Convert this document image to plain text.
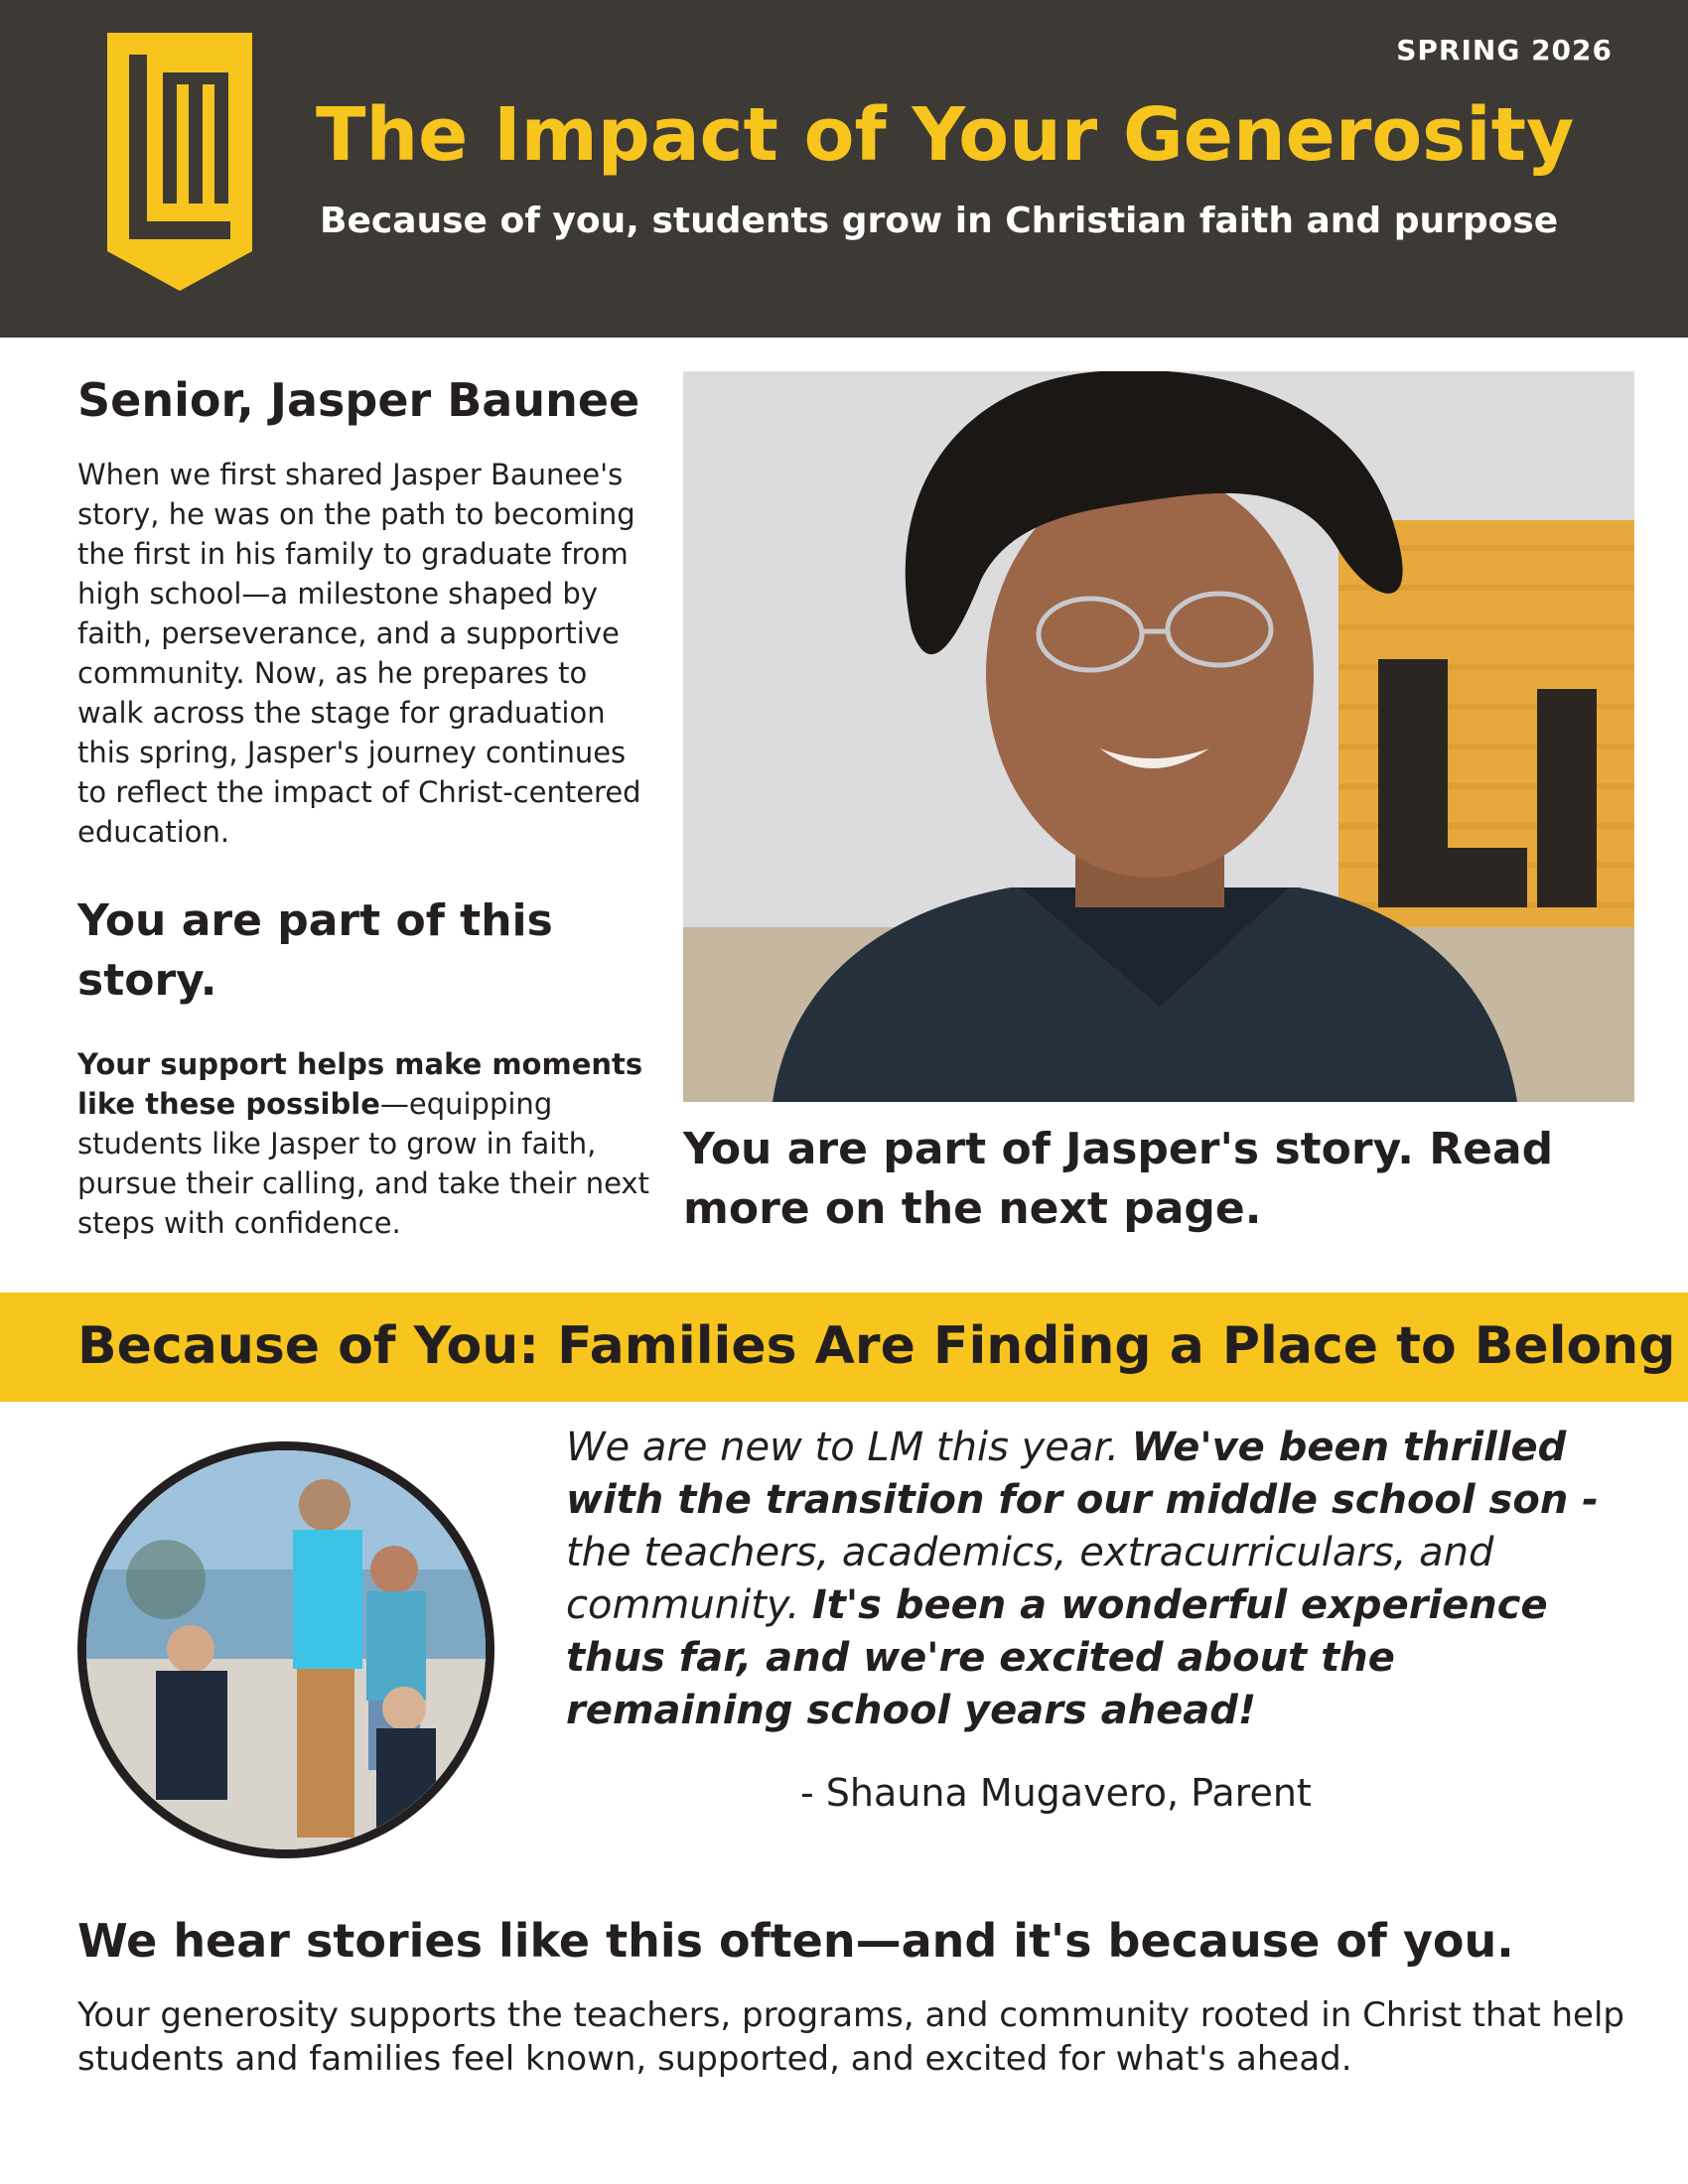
SPRING 2026
The Impact of Your Generosity

Because of you, students grow in Christian faith and purpose

Senior, Jasper Baunee

When we first shared Jasper Baunee's story, he was on the path to becoming the first in his family to graduate from high school—a milestone shaped by faith, perseverance, and a supportive community. Now, as he prepares to walk across the stage for graduation this spring, Jasper's journey continues to reflect the impact of Christ-centered education.

You are part of this story.

Your support helps make moments like these possible—equipping students like Jasper to grow in faith, pursue their calling, and take their next steps with confidence.

You are part of Jasper's story. Read more on the next page.

Because of You: Families Are Finding a Place to Belong

We are new to LM this year. We've been thrilled with the transition for our middle school son - the teachers, academics, extracurriculars, and community. It's been a wonderful experience thus far, and we're excited about the remaining school years ahead!

- Shauna Mugavero, Parent

We hear stories like this often—and it's because of you.

Your generosity supports the teachers, programs, and community rooted in Christ that help students and families feel known, supported, and excited for what's ahead.
